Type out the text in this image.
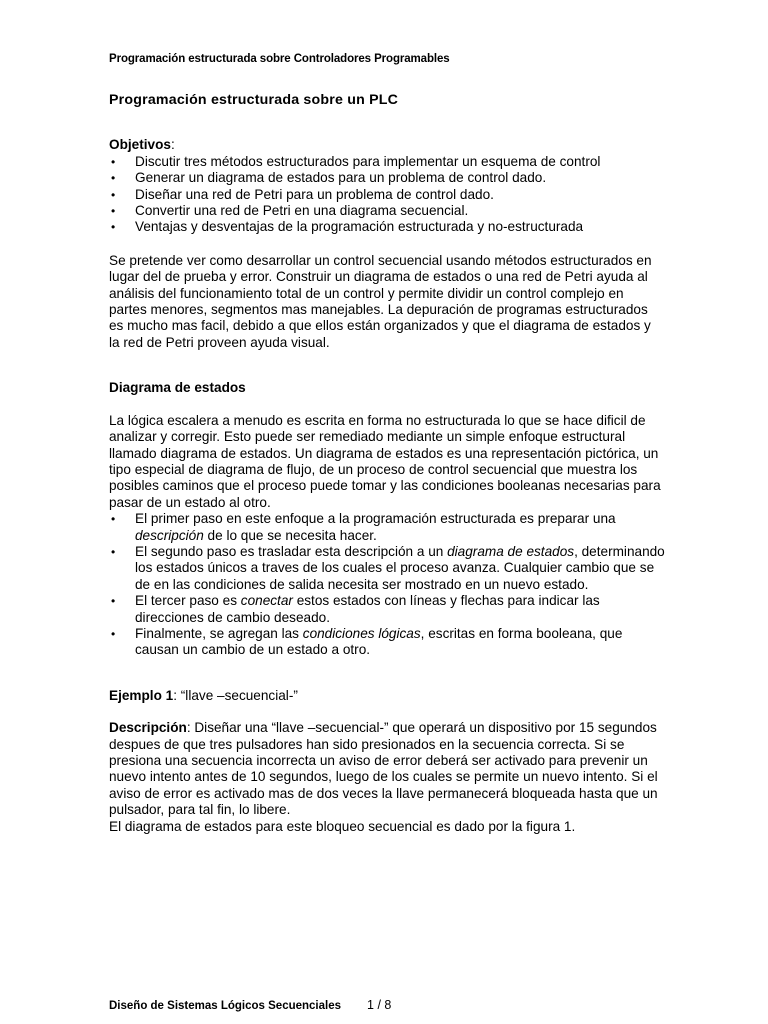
Programación estructurada sobre Controladores Programables
Programación estructurada sobre un PLC

Objetivos:

• Discutir tres métodos estructurados para implementar un esquema de control
• Generar un diagrama de estados para un problema de control dado.
• Diseñar una red de Petri para un problema de control dado.
• Convertir una red de Petri en una diagrama secuencial.
• Ventajas y desventajas de la programación estructurada y no-estructurada

Se pretende ver como desarrollar un control secuencial usando métodos estructurados en lugar del de prueba y error. Construir un diagrama de estados o una red de Petri ayuda al análisis del funcionamiento total de un control y permite dividir un control complejo en partes menores, segmentos mas manejables. La depuración de programas estructurados es mucho mas facil, debido a que ellos están organizados y que el diagrama de estados y la red de Petri proveen ayuda visual.

Diagrama de estados

La lógica escalera a menudo es escrita en forma no estructurada lo que se hace dificil de analizar y corregir. Esto puede ser remediado mediante un simple enfoque estructural llamado diagrama de estados. Un diagrama de estados es una representación pictórica, un tipo especial de diagrama de flujo, de un proceso de control secuencial que muestra los posibles caminos que el proceso puede tomar y las condiciones booleanas necesarias para pasar de un estado al otro.

• El primer paso en este enfoque a la programación estructurada es preparar una descripción de lo que se necesita hacer.
• El segundo paso es trasladar esta descripción a un diagrama de estados, determinando los estados únicos a traves de los cuales el proceso avanza. Cualquier cambio que se de en las condiciones de salida necesita ser mostrado en un nuevo estado.
• El tercer paso es conectar estos estados con líneas y flechas para indicar las direcciones de cambio deseado.
• Finalmente, se agregan las condiciones lógicas, escritas en forma booleana, que causan un cambio de un estado a otro.

Ejemplo 1: “llave –secuencial-”

Descripción: Diseñar una “llave –secuencial-” que operará un dispositivo por 15 segundos despues de que tres pulsadores han sido presionados en la secuencia correcta. Si se presiona una secuencia incorrecta un aviso de error deberá ser activado para prevenir un nuevo intento antes de 10 segundos, luego de los cuales se permite un nuevo intento. Si el aviso de error es activado mas de dos veces la llave permanecerá bloqueada hasta que un pulsador, para tal fin, lo libere.

El diagrama de estados para este bloqueo secuencial es dado por la figura 1.

Diseño de Sistemas Lógicos Secuenciales 1 / 8
